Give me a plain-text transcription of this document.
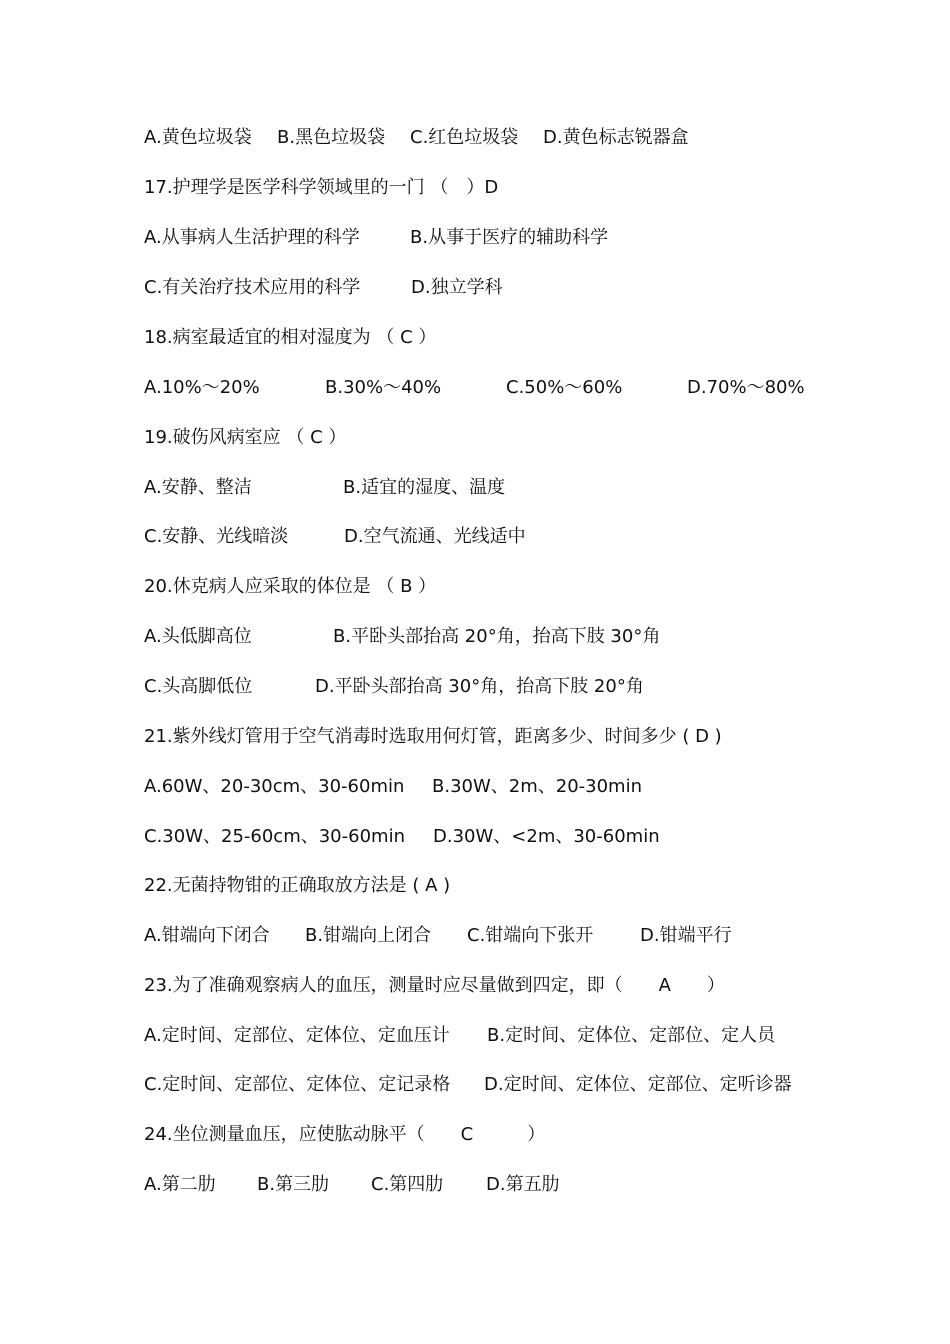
A.黄色垃圾袋 B.黑色垃圾袋 C.红色垃圾袋 D.黄色标志锐器盒
17.护理学是医学科学领域里的一门 （　）D
A.从事病人生活护理的科学	B.从事于医疗的辅助科学
C.有关治疗技术应用的科学	D.独立学科
18.病室最适宜的相对湿度为 （ C ）
A.10%～20%	B.30%～40%	C.50%～60%	D.70%～80%
19.破伤风病室应 （ C ）
A.安静、整洁	B.适宜的湿度、温度
C.安静、光线暗淡	D.空气流通、光线适中
20.休克病人应采取的体位是 （ B ）
A.头低脚高位	B.平卧头部抬高 20°角，抬高下肢 30°角
C.头高脚低位	D.平卧头部抬高 30°角，抬高下肢 20°角
21.紫外线灯管用于空气消毒时选取用何灯管，距离多少、时间多少 ( D )
A.60W、20-30cm、30-60min B.30W、2m、20-30min
C.30W、25-60cm、30-60min D.30W、<2m、30-60min
22.无菌持物钳的正确取放方法是 ( A )
A.钳端向下闭合 B.钳端向上闭合 C.钳端向下张开	D.钳端平行
23.为了准确观察病人的血压，测量时应尽量做到四定，即（　　A　　）
A.定时间、定部位、定体位、定血压计 B.定时间、定体位、定部位、定人员
C.定时间、定部位、定体位、定记录格 D.定时间、定体位、定部位、定听诊器
24.坐位测量血压，应使肱动脉平（　　C　　　）
A.第二肋 B.第三肋 C.第四肋 D.第五肋
